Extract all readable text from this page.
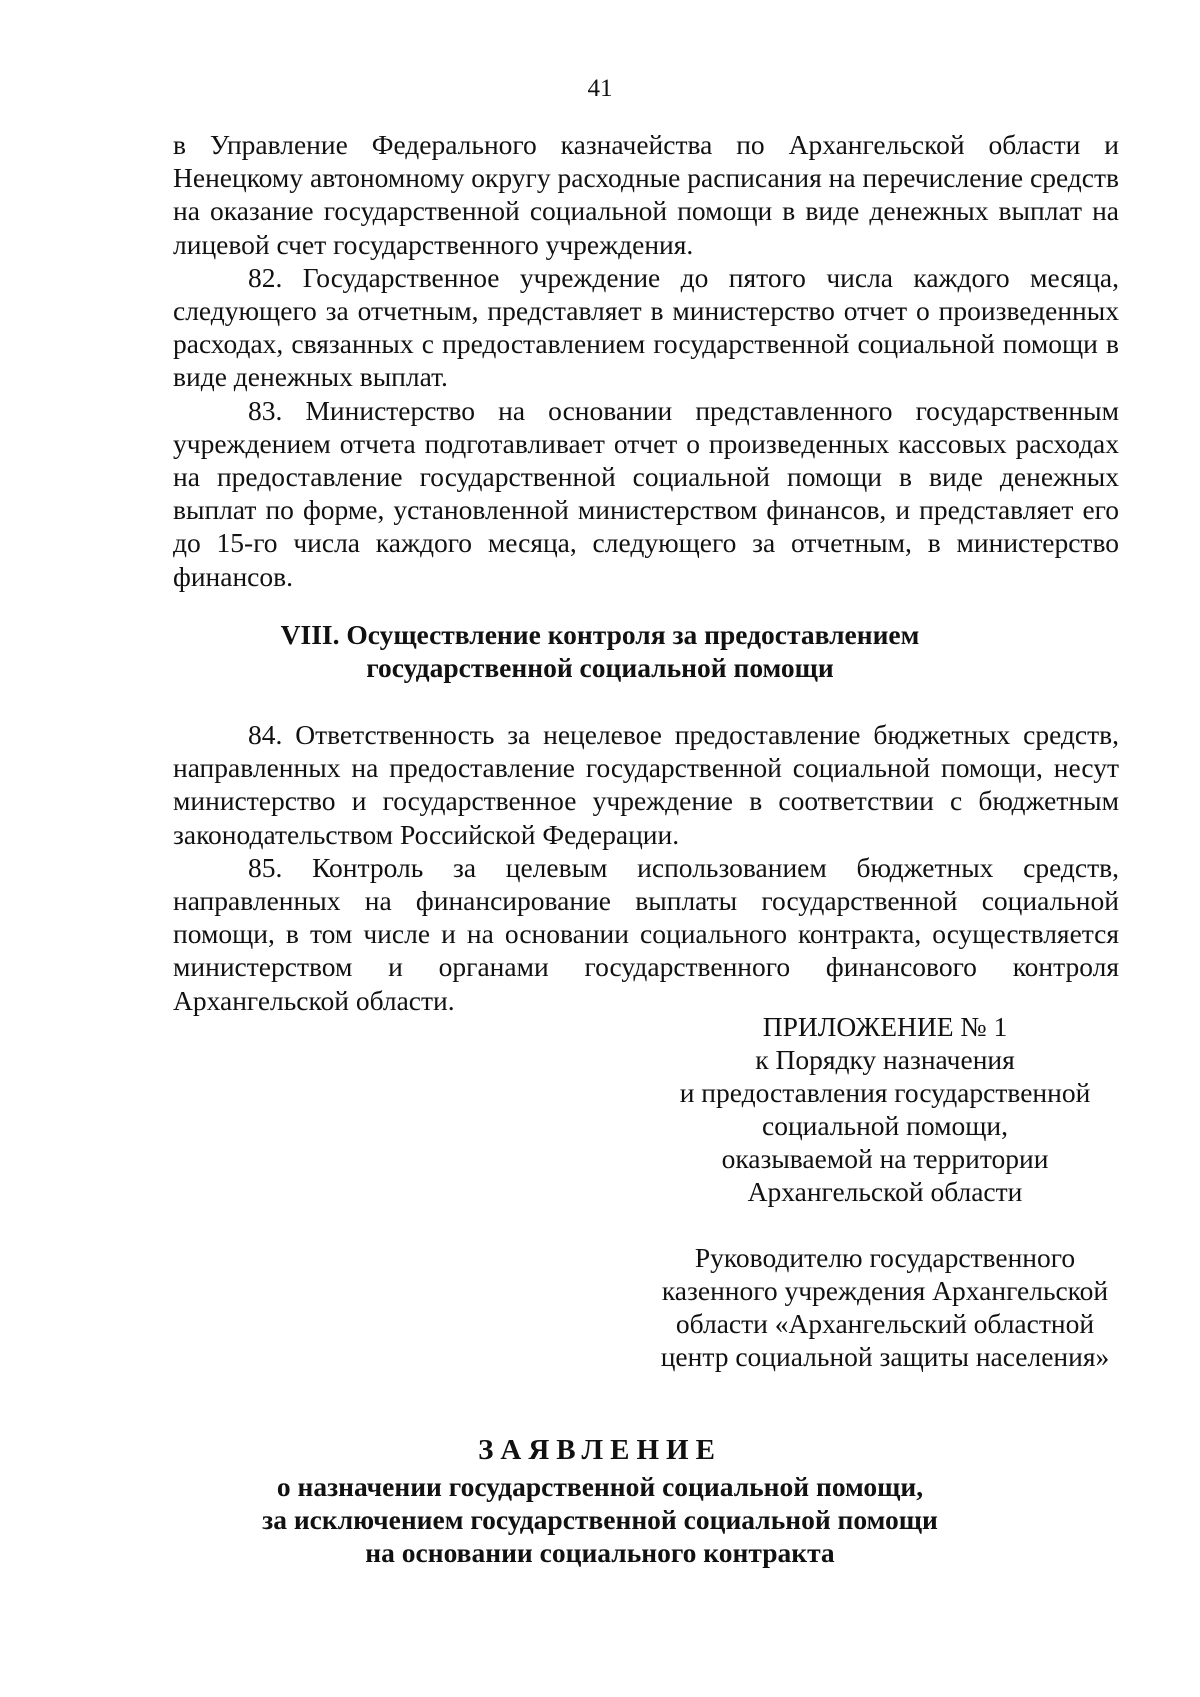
41

в Управление Федерального казначейства по Архангельской области и Ненецкому автономному округу расходные расписания на перечисление средств на оказание государственной социальной помощи в виде денежных выплат на лицевой счет государственного учреждения.

82. Государственное учреждение до пятого числа каждого месяца, следующего за отчетным, представляет в министерство отчет о произведенных расходах, связанных с предоставлением государственной социальной помощи в виде денежных выплат.

83. Министерство на основании представленного государственным учреждением отчета подготавливает отчет о произведенных кассовых расходах на предоставление государственной социальной помощи в виде денежных выплат по форме, установленной министерством финансов, и представляет его до 15-го числа каждого месяца, следующего за отчетным, в министерство финансов.

VIII. Осуществление контроля за предоставлением
государственной социальной помощи

84. Ответственность за нецелевое предоставление бюджетных средств, направленных на предоставление государственной социальной помощи, несут министерство и государственное учреждение в соответствии с бюджетным законодательством Российской Федерации.

85. Контроль за целевым использованием бюджетных средств, направленных на финансирование выплаты государственной социальной помощи, в том числе и на основании социального контракта, осуществляется министерством и органами государственного финансового контроля Архангельской области.

ПРИЛОЖЕНИЕ № 1
к Порядку назначения
и предоставления государственной
социальной помощи,
оказываемой на территории
Архангельской области
Руководителю государственного
казенного учреждения Архангельской
области «Архангельский областной
центр социальной защиты населения»
ЗАЯВЛЕНИЕ
о назначении государственной социальной помощи,
за исключением государственной социальной помощи
на основании социального контракта
